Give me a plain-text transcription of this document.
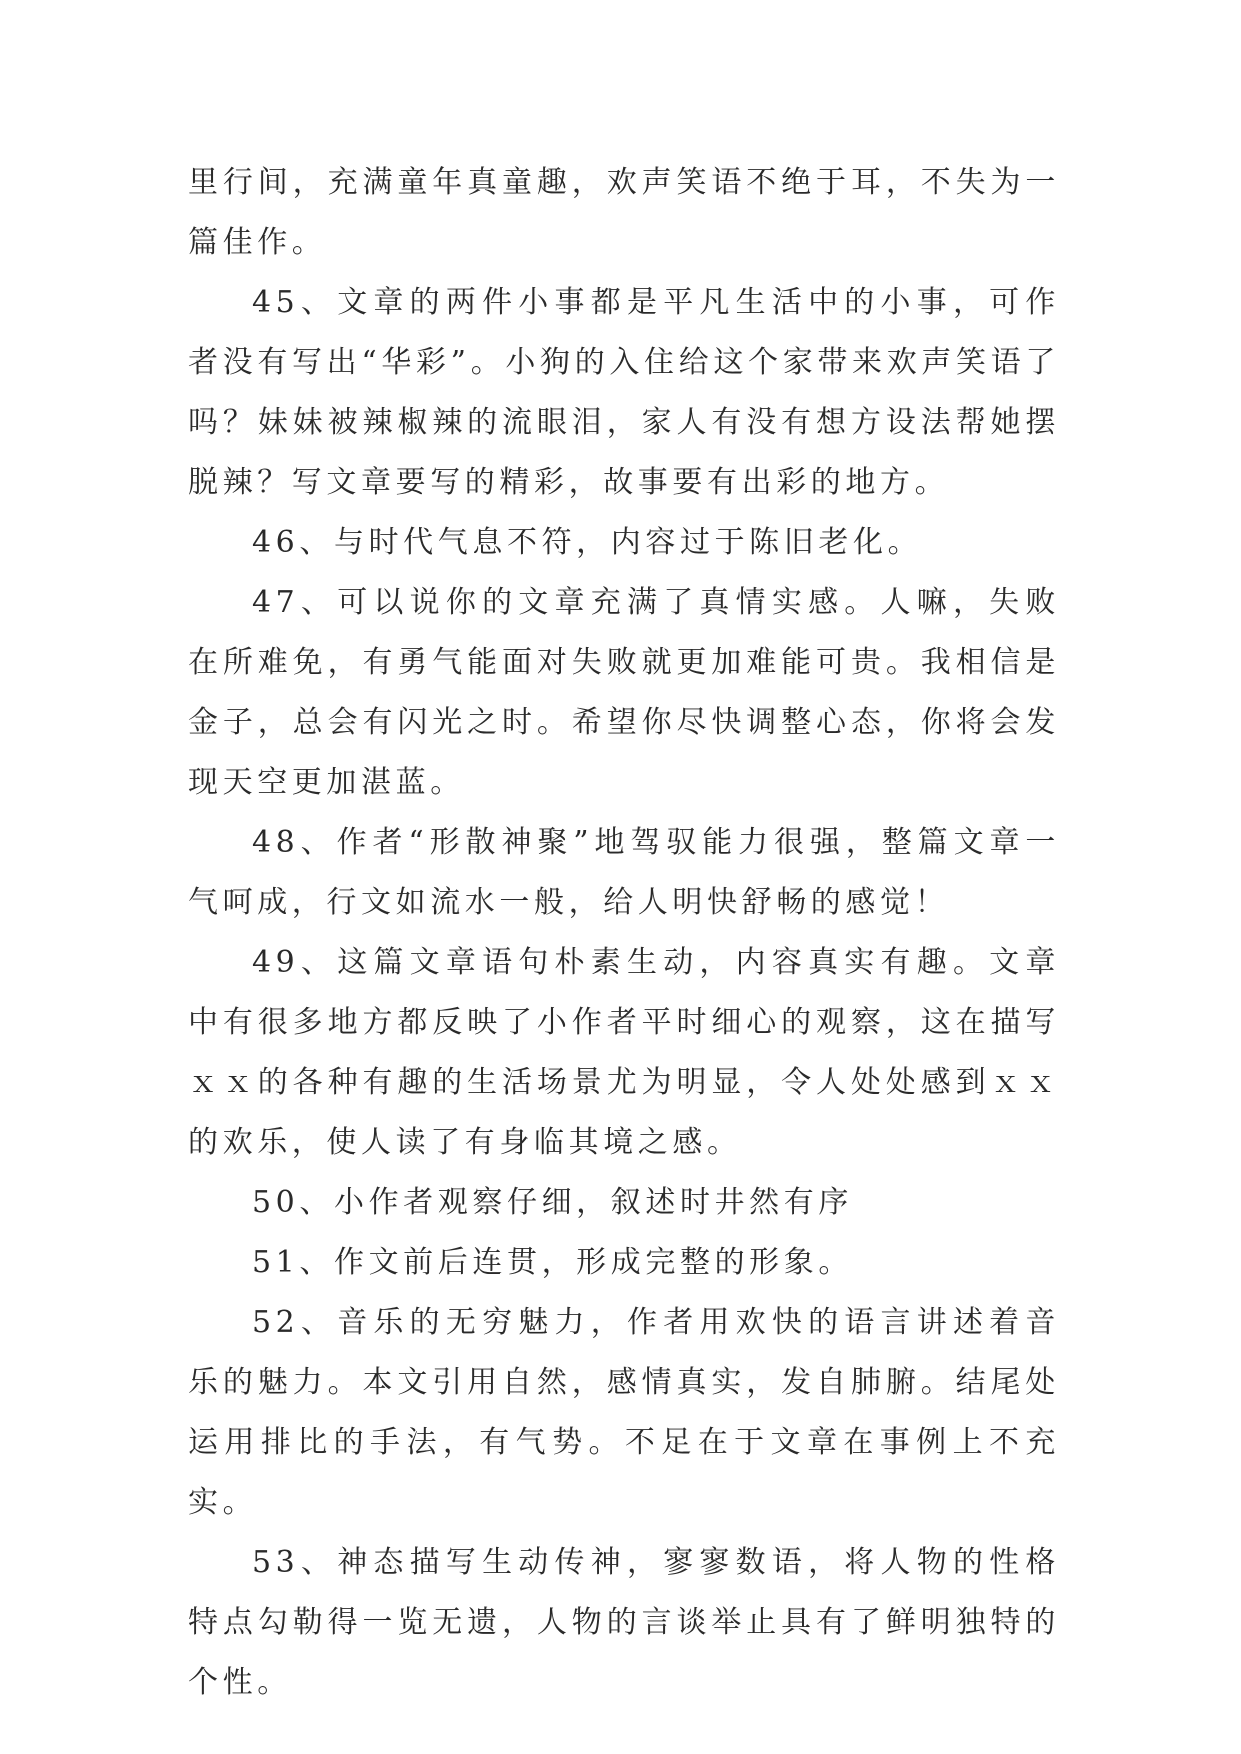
里行间，充满童年真童趣，欢声笑语不绝于耳，不失为一篇佳作。

45、文章的两件小事都是平凡生活中的小事，可作者没有写出“华彩”。小狗的入住给这个家带来欢声笑语了吗？妹妹被辣椒辣的流眼泪，家人有没有想方设法帮她摆脱辣？写文章要写的精彩，故事要有出彩的地方。

46、与时代气息不符，内容过于陈旧老化。

47、可以说你的文章充满了真情实感。人嘛，失败在所难免，有勇气能面对失败就更加难能可贵。我相信是金子，总会有闪光之时。希望你尽快调整心态，你将会发现天空更加湛蓝。

48、作者“形散神聚”地驾驭能力很强，整篇文章一气呵成，行文如流水一般，给人明快舒畅的感觉！

49、这篇文章语句朴素生动，内容真实有趣。文章中有很多地方都反映了小作者平时细心的观察，这在描写ｘｘ的各种有趣的生活场景尤为明显，令人处处感到ｘｘ的欢乐，使人读了有身临其境之感。

50、小作者观察仔细，叙述时井然有序

51、作文前后连贯，形成完整的形象。

52、音乐的无穷魅力，作者用欢快的语言讲述着音乐的魅力。本文引用自然，感情真实，发自肺腑。结尾处运用排比的手法，有气势。不足在于文章在事例上不充实。

53、神态描写生动传神，寥寥数语，将人物的性格特点勾勒得一览无遗，人物的言谈举止具有了鲜明独特的个性。
